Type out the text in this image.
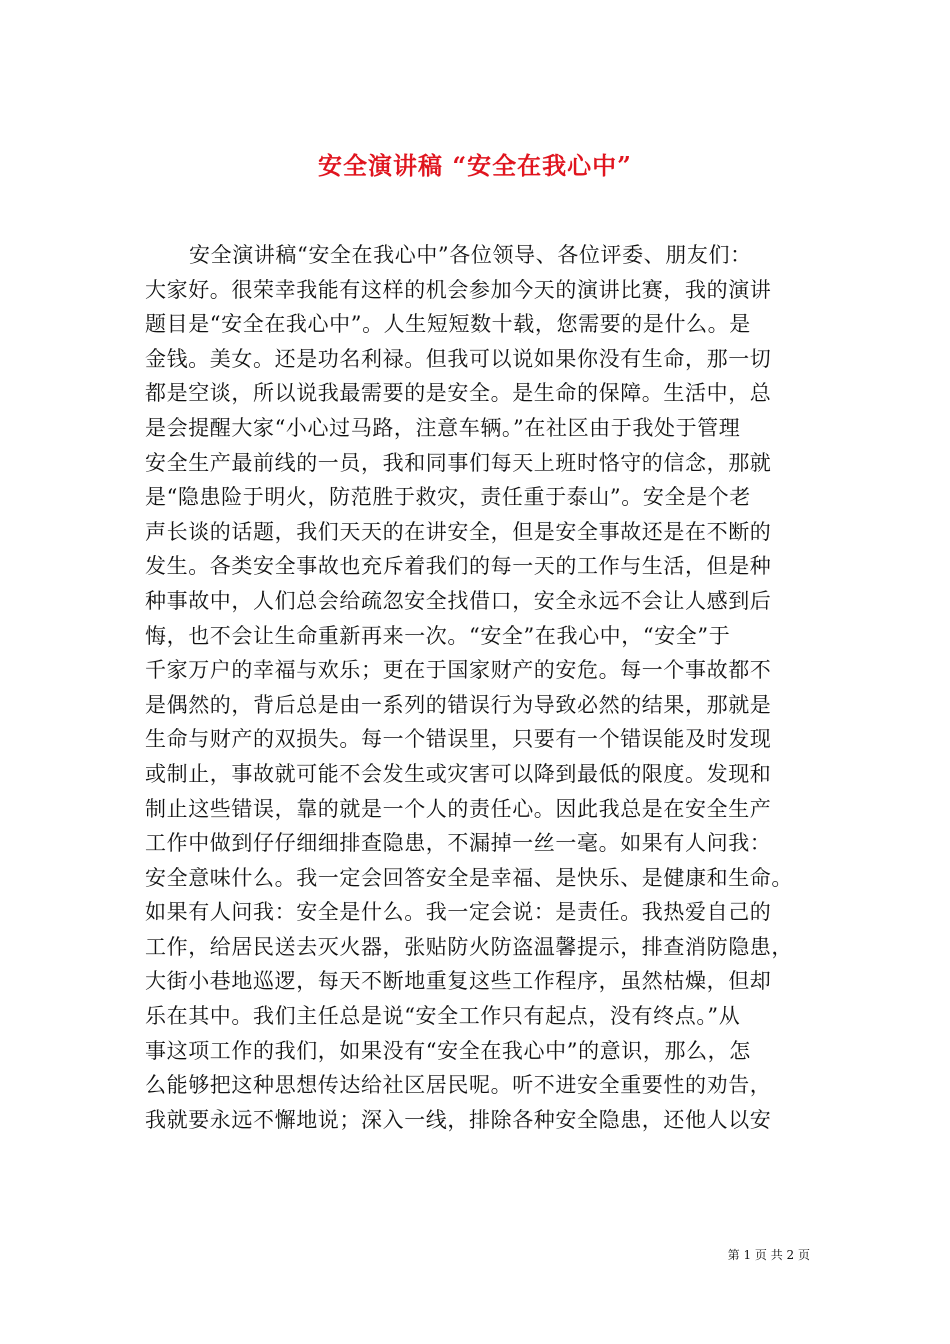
安全演讲稿 “安全在我心中”
安全演讲稿“安全在我心中”各位领导、各位评委、朋友们：
大家好。很荣幸我能有这样的机会参加今天的演讲比赛，我的演讲
题目是“安全在我心中”。人生短短数十载，您需要的是什么。是
金钱。美女。还是功名利禄。但我可以说如果你没有生命，那一切
都是空谈，所以说我最需要的是安全。是生命的保障。生活中，总
是会提醒大家“小心过马路，注意车辆。”在社区由于我处于管理
安全生产最前线的一员，我和同事们每天上班时恪守的信念，那就
是“隐患险于明火，防范胜于救灾，责任重于泰山”。安全是个老
声长谈的话题，我们天天的在讲安全，但是安全事故还是在不断的
发生。各类安全事故也充斥着我们的每一天的工作与生活，但是种
种事故中，人们总会给疏忽安全找借口，安全永远不会让人感到后
悔，也不会让生命重新再来一次。“安全”在我心中，“安全”于
千家万户的幸福与欢乐；更在于国家财产的安危。每一个事故都不
是偶然的，背后总是由一系列的错误行为导致必然的结果，那就是
生命与财产的双损失。每一个错误里，只要有一个错误能及时发现
或制止，事故就可能不会发生或灾害可以降到最低的限度。发现和
制止这些错误，靠的就是一个人的责任心。因此我总是在安全生产
工作中做到仔仔细细排查隐患，不漏掉一丝一毫。如果有人问我：
安全意味什么。我一定会回答安全是幸福、是快乐、是健康和生命。
如果有人问我：安全是什么。我一定会说：是责任。我热爱自己的
工作，给居民送去灭火器，张贴防火防盗温馨提示，排查消防隐患，
大街小巷地巡逻，每天不断地重复这些工作程序，虽然枯燥，但却
乐在其中。我们主任总是说“安全工作只有起点，没有终点。”从
事这项工作的我们，如果没有“安全在我心中”的意识，那么，怎
么能够把这种思想传达给社区居民呢。听不进安全重要性的劝告，
我就要永远不懈地说；深入一线，排除各种安全隐患，还他人以安
第 1 页 共 2 页
